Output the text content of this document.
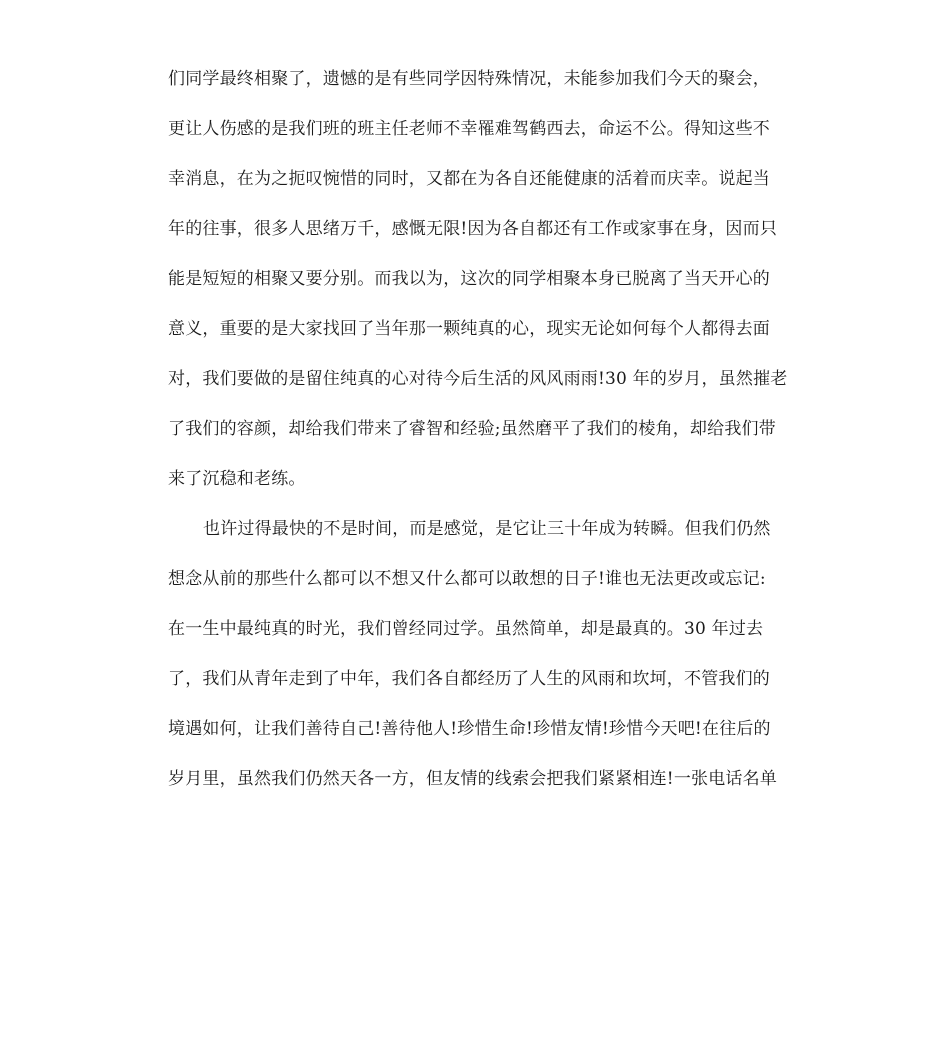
们同学最终相聚了，遗憾的是有些同学因特殊情况，未能参加我们今天的聚会，
更让人伤感的是我们班的班主任老师不幸罹难驾鹤西去，命运不公。得知这些不
幸消息，在为之扼叹惋惜的同时，又都在为各自还能健康的活着而庆幸。说起当
年的往事，很多人思绪万千，感慨无限!因为各自都还有工作或家事在身，因而只
能是短短的相聚又要分别。而我以为，这次的同学相聚本身已脱离了当天开心的
意义，重要的是大家找回了当年那一颗纯真的心，现实无论如何每个人都得去面
对，我们要做的是留住纯真的心对待今后生活的风风雨雨!30 年的岁月，虽然摧老
了我们的容颜，却给我们带来了睿智和经验;虽然磨平了我们的棱角，却给我们带
来了沉稳和老练。
也许过得最快的不是时间，而是感觉，是它让三十年成为转瞬。但我们仍然
想念从前的那些什么都可以不想又什么都可以敢想的日子!谁也无法更改或忘记:
在一生中最纯真的时光，我们曾经同过学。虽然简单，却是最真的。30 年过去
了，我们从青年走到了中年，我们各自都经历了人生的风雨和坎坷，不管我们的
境遇如何，让我们善待自己!善待他人!珍惜生命!珍惜友情!珍惜今天吧!在往后的
岁月里，虽然我们仍然天各一方，但友情的线索会把我们紧紧相连!一张电话名单
